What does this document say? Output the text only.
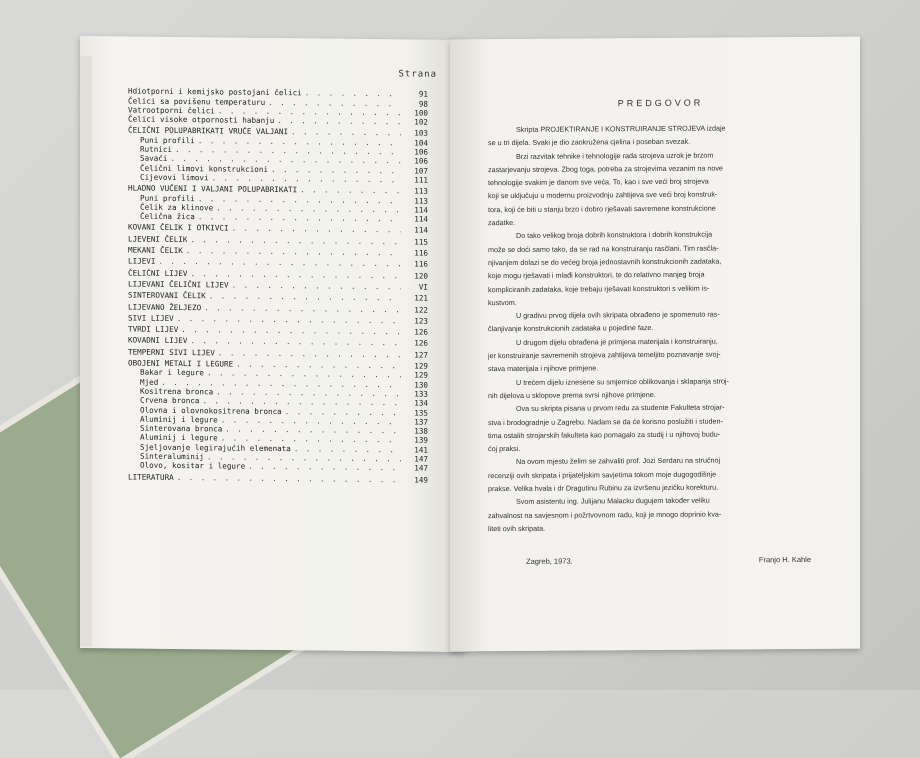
Strana
Hdiotporni i kemijsko postojani čelici . . .	91
Čelici sa povišenu temperaturu . . .	98
Vatrootporni čelici . . .	100
Čelici visoke otpornosti habanju . . .	102
ČELIČNI POLUPABRIKATI VRUČE VALJANI . . .	103
Puni profili . . .	104
Rutnici . . .	106
Savaći . . .	106
Čelični limovi konstrukcioni . . .	107
Cijevovi limovi . . .	111
HLADNO VUČENI I VALJANI POLUPABRIKATI . . .	113
Puni profili . . .	113
Čelik za klinove . . .	114
Čelična žica . . .	114
KOVANI ČELIK I OTKIVCI . . .	114
LJEVENI ČELIK . . .	115
MEKANI ČELIK . . .	116
LIJEVI . . .	116
ČELIČNI LIJEV . . .	120
LIJEVANI ČELIČNI LIJEV . . .	VI
SINTEROVANI ČELIK . . .	121
LIJEVANO ŽELJEZO . . .	122
SIVI LIJEV . . .	123
TVRDI LIJEV . . .	126
KOVADNI LIJEV . . .	126
TEMPERNI SIVI LIJEV . . .	127
OBOJENI METALI I LEGURE . . .	129
Bakar i legure . . .	129
Mjed . . .	130
Kositrena bronca . . .	133
Crvena bronca . . .	134
Olovna i olovnokositrena bronca . . .	135
Aluminij i legure . . .	137
Sinterovana bronca . . .	138
Aluminij i legure . . .	139
Sjeljovanje legirajućih elemenata . . .	141
Sinteraluminij . . .	147
Olovo, kositar i legure . . .	147
LITERATURA . . .	149
PREDGOVOR
Skripta PROJEKTIRANJE I KONSTRUIRANJE STROJEVA izdaje
se u tri dijela. Svaki je dio zaokružena cjelina i poseban svezak.
Brzi razvitak tehnike i tehnologije rada strojeva uzrok je brzom
zastarjevanju strojeva. Zbog toga, potreba za strojevima vezanim na nove
tehnologije svakim je danom sve veća. To, kao i sve veći broj strojeva
koji se uključuju u modernu proizvodnju zahtijeva sve veći broj konstruk-
tora, koji će biti u stanju brzo i dobro rješavati savremene konstrukcione
zadatke.
Do tako velikog broja dobrih konstruktora i dobrih konstrukcija
može se doći samo tako, da se rad na konstruiranju rasčlani. Tim rasčla-
njivanjem dolazi se do većeg broja jednostavnih konstrukcionih zadataka,
koje mogu rješavati i mlađi konstruktori, te do relativno manjeg broja
kompliciranih zadataka, koje trebaju rješavati konstruktori s velikim is-
kustvom.
U gradivu prvog dijela ovih skripata obrađeno je spomenuto ras-
članjivanje konstrukcionih zadataka u pojedine faze.
U drugom dijelu obrađena je primjena materijala i konstruiranju,
jer konstruiranje savremenih strojeva zahtijeva temeljito poznavanje svoj-
stava materijala i njihove primjene.
U trećem dijelu iznesene su smjernice oblikovanja i sklapanja stroj-
nih dijelova u sklopove prema svrsi njihove primjene.
Ova su skripta pisana u prvom redu za studente Fakulteta strojar-
stva i brodogradnje u Zagrebu. Nadam se da će korisno poslužiti i studen-
tima ostalih strojarskih fakulteta kao pomagalo za studij i u njihovoj budu-
ćoj praksi.
Na ovom mjestu želim se zahvaliti prof. Jozi Serdaru na stručnoj
recenziji ovih skripata i prijateljskim savjetima tokom moje dugogodišnje
prakse. Velika hvala i dr Dragutinu Rubinu za izvršenu jezičku korekturu.
Svom asistentu ing. Julijanu Malacku dugujem također veliku
zahvalnost na savjesnom i požrtvovnom radu, koji je mnogo doprinio kva-
liteti ovih skripata.
Zagreb, 1973.	Franjo H. Kahle
